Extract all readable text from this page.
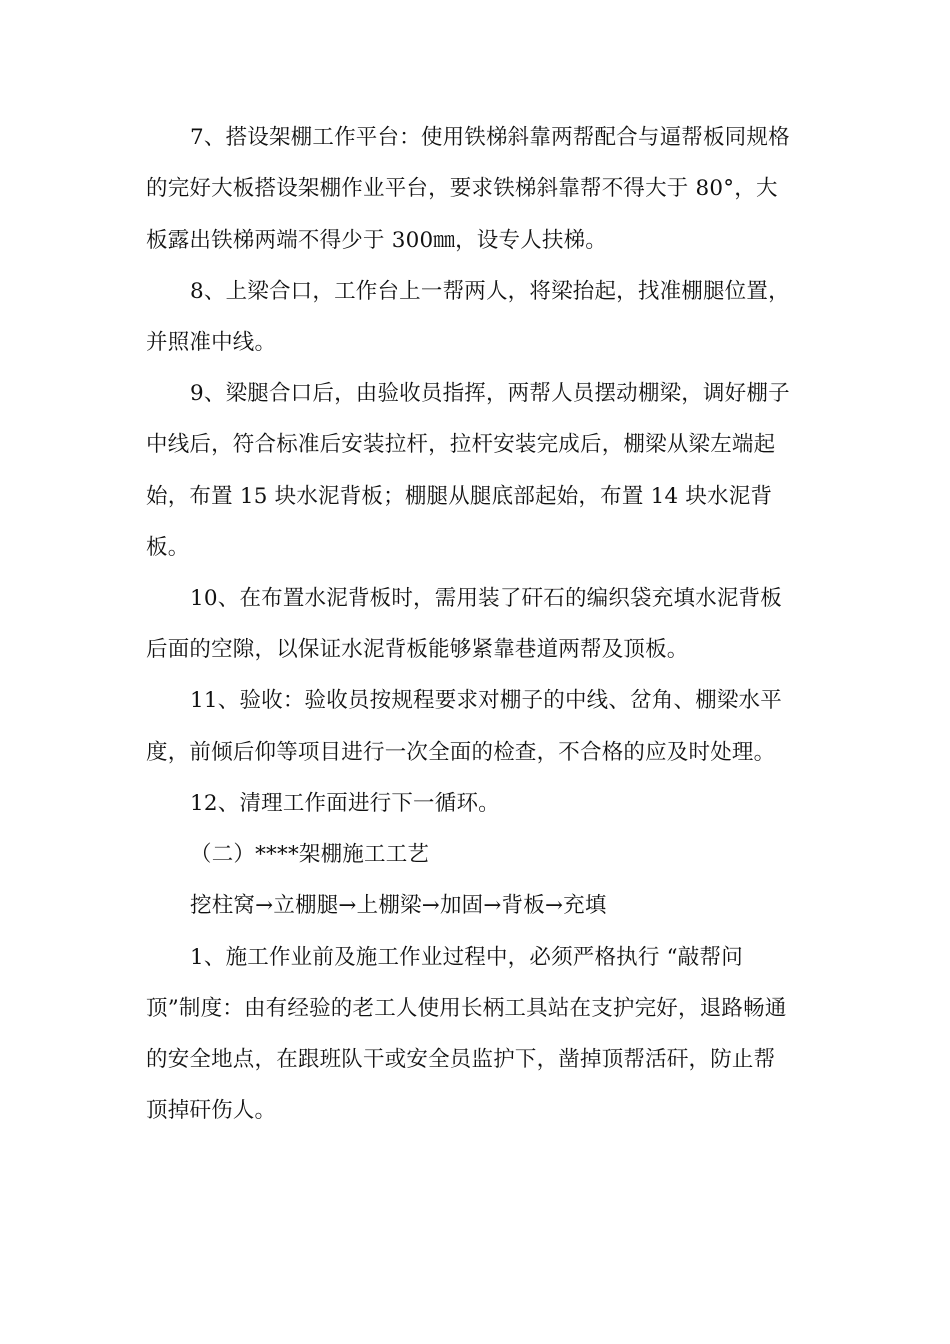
7、搭设架棚工作平台：使用铁梯斜靠两帮配合与逼帮板同规格
的完好大板搭设架棚作业平台，要求铁梯斜靠帮不得大于 80°，大
板露出铁梯两端不得少于 300㎜，设专人扶梯。
8、上梁合口，工作台上一帮两人，将梁抬起，找准棚腿位置，
并照准中线。
9、梁腿合口后，由验收员指挥，两帮人员摆动棚梁，调好棚子
中线后，符合标准后安装拉杆，拉杆安装完成后，棚梁从梁左端起
始，布置 15 块水泥背板；棚腿从腿底部起始，布置 14 块水泥背
板。
10、在布置水泥背板时，需用装了矸石的编织袋充填水泥背板
后面的空隙，以保证水泥背板能够紧靠巷道两帮及顶板。
11、验收：验收员按规程要求对棚子的中线、岔角、棚梁水平
度，前倾后仰等项目进行一次全面的检查，不合格的应及时处理。
12、清理工作面进行下一循环。
（二）****架棚施工工艺
挖柱窝→立棚腿→上棚梁→加固→背板→充填
1、施工作业前及施工作业过程中，必须严格执行 “敲帮问
顶”制度：由有经验的老工人使用长柄工具站在支护完好，退路畅通
的安全地点，在跟班队干或安全员监护下，凿掉顶帮活矸，防止帮
顶掉矸伤人。
